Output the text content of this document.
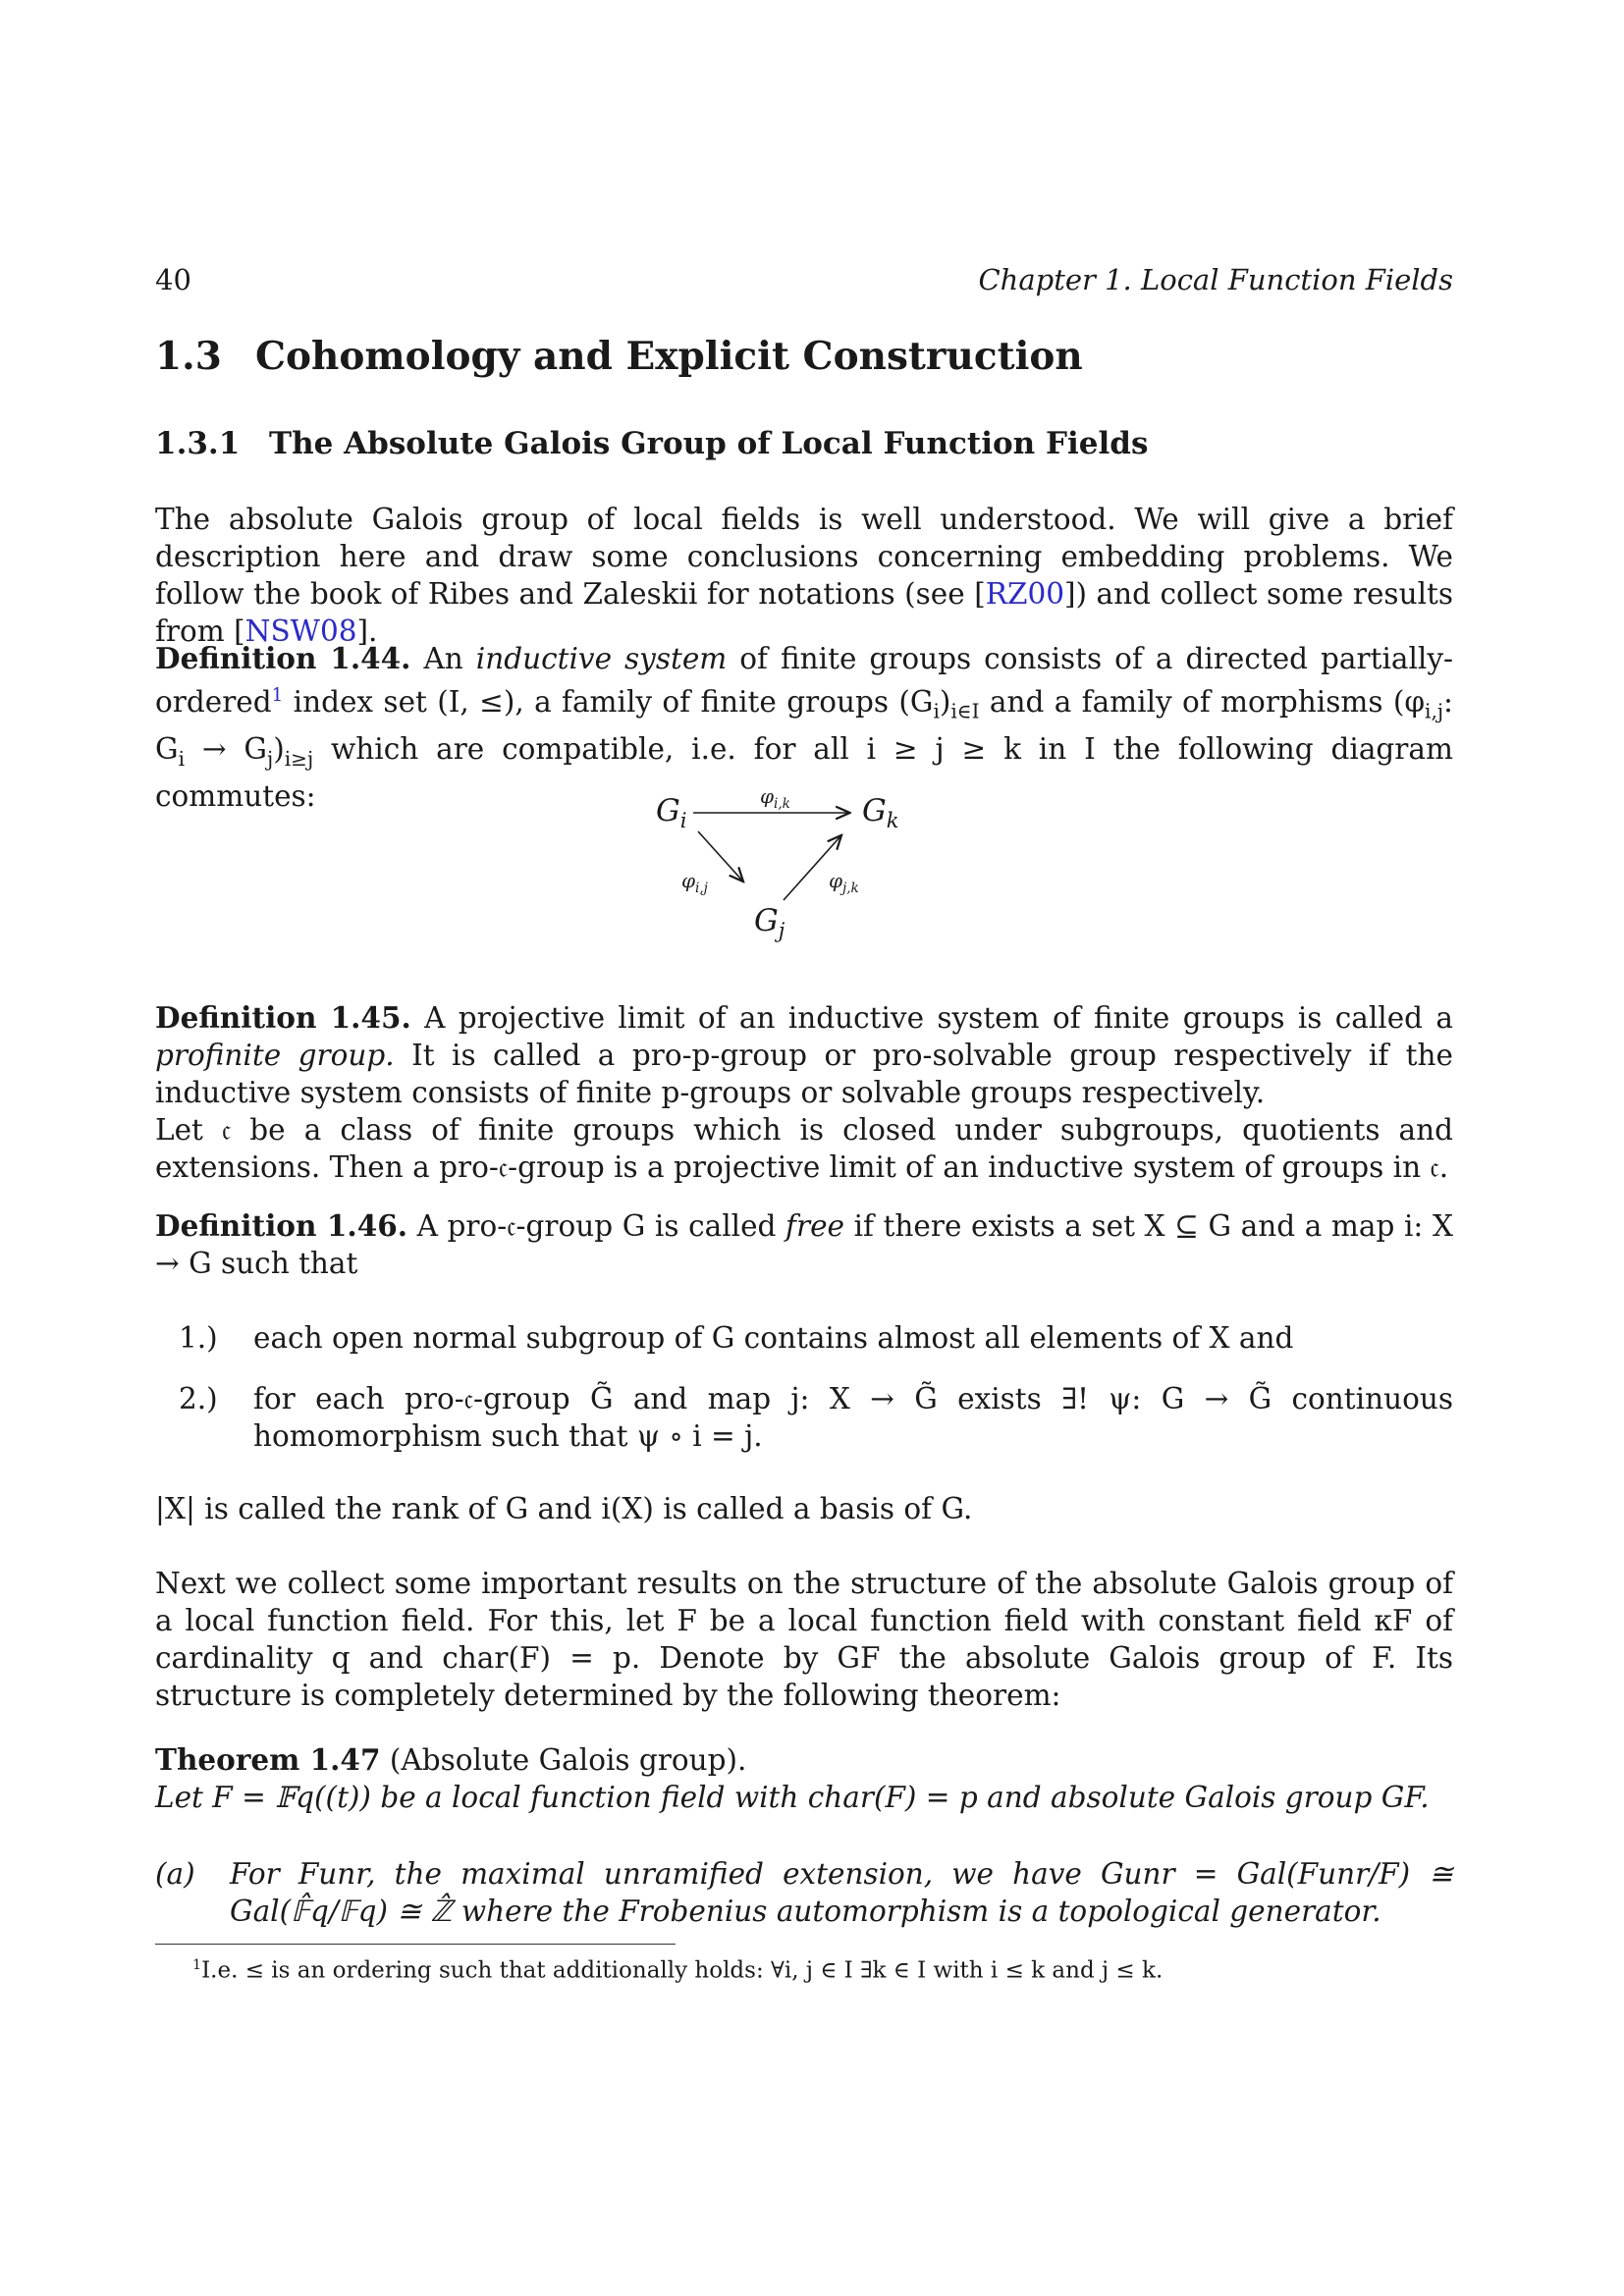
40	Chapter 1. Local Function Fields
1.3 Cohomology and Explicit Construction
1.3.1 The Absolute Galois Group of Local Function Fields

The absolute Galois group of local fields is well understood. We will give a brief description here and draw some conclusions concerning embedding problems. We follow the book of Ribes and Zaleskii for notations (see [RZ00]) and collect some results from [NSW08].

Definition 1.44. An inductive system of finite groups consists of a directed partially-ordered$^1$ index set (I, ≤), a family of finite groups $(G_i)_{i\in I}$ and a family of morphisms ($\varphi_{i,j}$: $G_i \to G_j)_{i\ge j}$ which are compatible, i.e. for all i ≥ j ≥ k in I the following diagram commutes:	$G_i$	$G_k$
$G_j$
$\varphi_{i,k}$
$\varphi_{i,j}$	$\varphi_{j,k}$

Definition 1.45. A projective limit of an inductive system of finite groups is called a profinite group. It is called a pro-p-group or pro-solvable group respectively if the inductive system consists of finite p-groups or solvable groups respectively.
Let 𝔠 be a class of finite groups which is closed under subgroups, quotients and extensions. Then a pro-𝔠-group is a projective limit of an inductive system of groups in 𝔠.

Definition 1.46. A pro-𝔠-group G is called free if there exists a set X ⊆ G and a map i: X → G such that

1.) each open normal subgroup of G contains almost all elements of X and
2.) for each pro-𝔠-group G̃ and map j: X → G̃ exists ∃! ψ: G → G̃ continuous homomorphism such that ψ ∘ i = j.

|X| is called the rank of G and i(X) is called a basis of G.

Next we collect some important results on the structure of the absolute Galois group of a local function field. For this, let F be a local function field with constant field κF of cardinality q and char(F) = p. Denote by GF the absolute Galois group of F. Its structure is completely determined by the following theorem:

Theorem 1.47 (Absolute Galois group).

Let F = 𝔽q((t)) be a local function field with char(F) = p and absolute Galois group GF.

(a) For Funr, the maximal unramified extension, we have Gunr = Gal(Funr/F) ≅ Gal(𝔽̂q/𝔽q) ≅ ℤ̂ where the Frobenius automorphism is a topological generator.
$^1$I.e. ≤ is an ordering such that additionally holds: ∀i, j ∈ I ∃k ∈ I with i ≤ k and j ≤ k.
